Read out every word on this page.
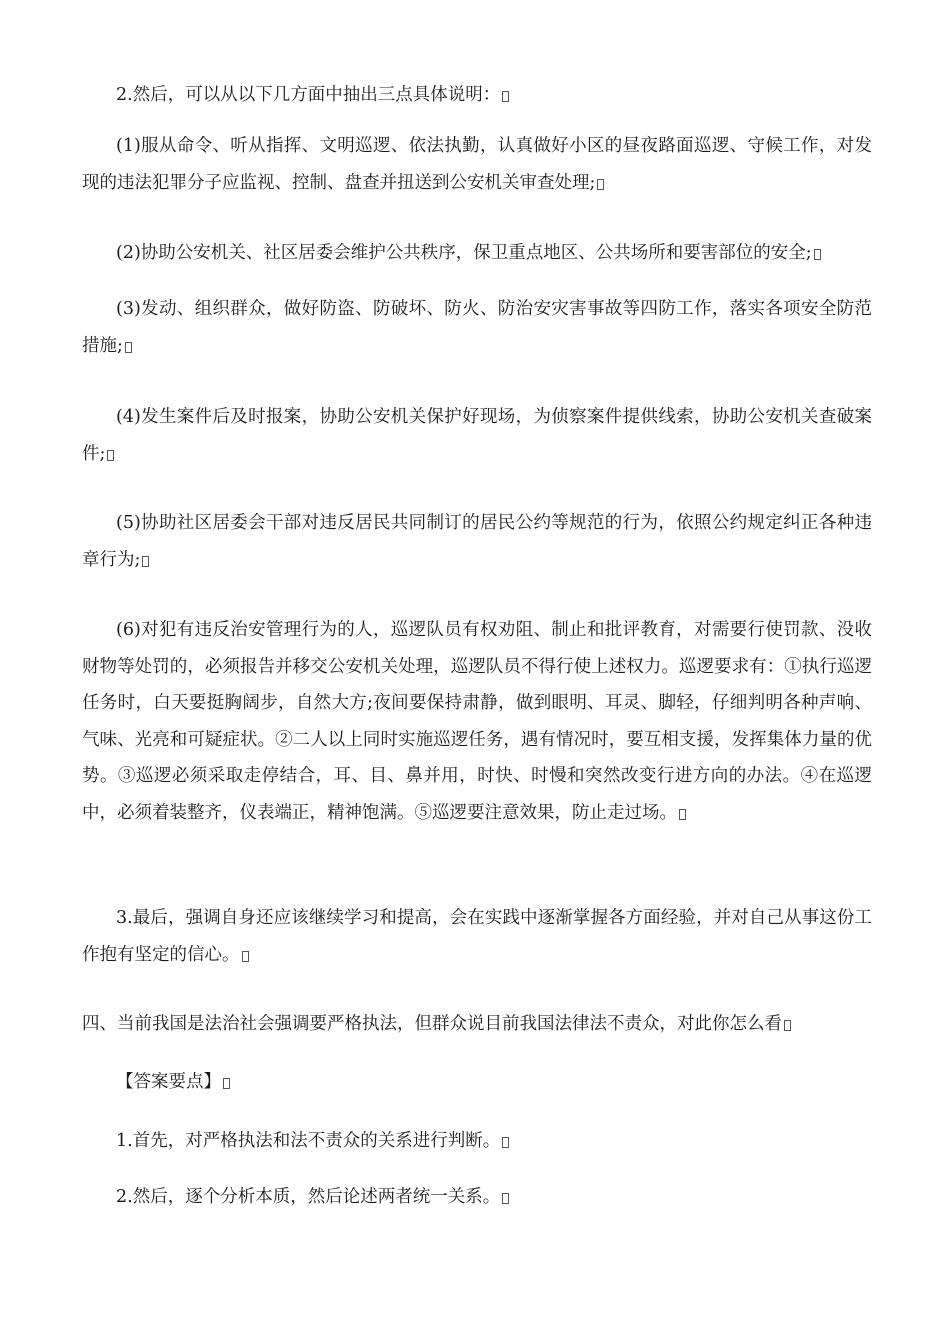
2.然后，可以从以下几方面中抽出三点具体说明：

(1)服从命令、听从指挥、文明巡逻、依法执勤，认真做好小区的昼夜路面巡逻、守候工作，对发现的违法犯罪分子应监视、控制、盘查并扭送到公安机关审查处理;

(2)协助公安机关、社区居委会维护公共秩序，保卫重点地区、公共场所和要害部位的安全;

(3)发动、组织群众，做好防盗、防破坏、防火、防治安灾害事故等四防工作，落实各项安全防范措施;

(4)发生案件后及时报案，协助公安机关保护好现场，为侦察案件提供线索，协助公安机关查破案件;

(5)协助社区居委会干部对违反居民共同制订的居民公约等规范的行为，依照公约规定纠正各种违章行为;

(6)对犯有违反治安管理行为的人，巡逻队员有权劝阻、制止和批评教育，对需要行使罚款、没收财物等处罚的，必须报告并移交公安机关处理，巡逻队员不得行使上述权力。巡逻要求有：①执行巡逻任务时，白天要挺胸阔步，自然大方;夜间要保持肃静，做到眼明、耳灵、脚轻，仔细判明各种声响、气味、光亮和可疑症状。②二人以上同时实施巡逻任务，遇有情况时，要互相支援，发挥集体力量的优势。③巡逻必须采取走停结合，耳、目、鼻并用，时快、时慢和突然改变行进方向的办法。④在巡逻中，必须着装整齐，仪表端正，精神饱满。⑤巡逻要注意效果，防止走过场。

3.最后，强调自身还应该继续学习和提高，会在实践中逐渐掌握各方面经验，并对自己从事这份工作抱有坚定的信心。

四、当前我国是法治社会强调要严格执法，但群众说目前我国法律法不责众，对此你怎么看

【答案要点】

1.首先，对严格执法和法不责众的关系进行判断。

2.然后，逐个分析本质，然后论述两者统一关系。
